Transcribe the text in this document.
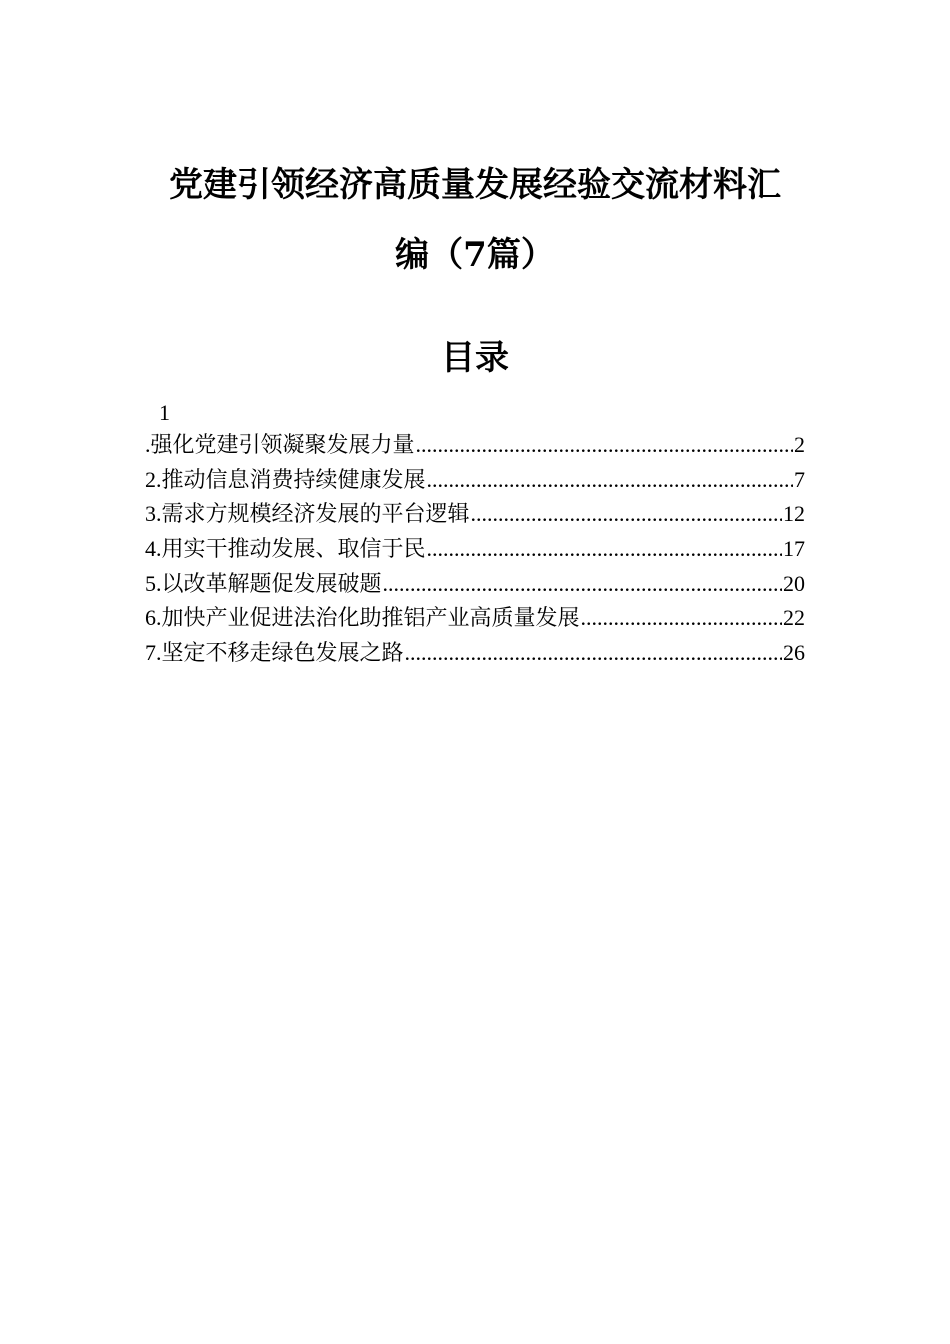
党建引领经济高质量发展经验交流材料汇
编（7篇）
目录
1
. 强化党建引领凝聚发展力量 .....	2
2. 推动信息消费持续健康发展 .....	7
3. 需求方规模经济发展的平台逻辑 .....	12
4. 用实干推动发展、取信于民 .....	17
5. 以改革解题促发展破题 .....	20
6. 加快产业促进法治化助推铝产业高质量发展 .....	22
7. 坚定不移走绿色发展之路 .....	26
